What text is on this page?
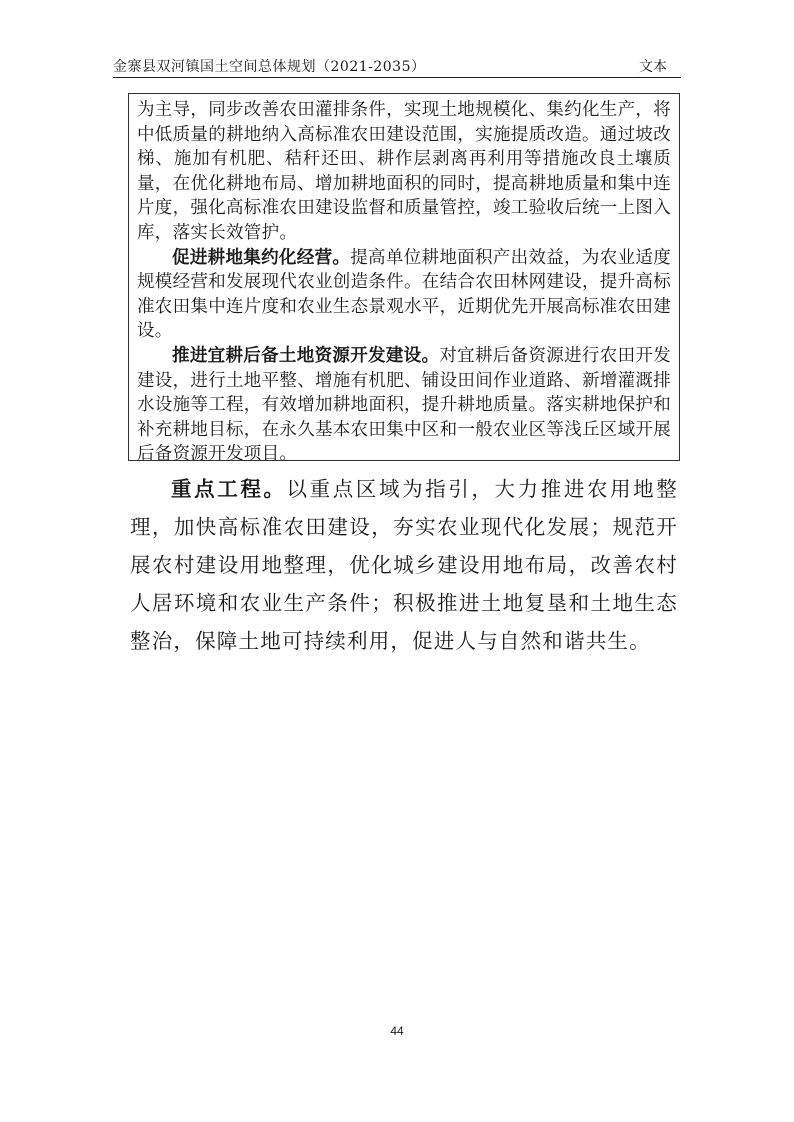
金寨县双河镇国土空间总体规划（2021-2035）	文本

为主导，同步改善农田灌排条件，实现土地规模化、集约化生产，将中低质量的耕地纳入高标准农田建设范围，实施提质改造。通过坡改梯、施加有机肥、秸秆还田、耕作层剥离再利用等措施改良土壤质量，在优化耕地布局、增加耕地面积的同时，提高耕地质量和集中连片度，强化高标准农田建设监督和质量管控，竣工验收后统一上图入库，落实长效管护。

促进耕地集约化经营。提高单位耕地面积产出效益，为农业适度规模经营和发展现代农业创造条件。在结合农田林网建设，提升高标准农田集中连片度和农业生态景观水平，近期优先开展高标准农田建设。

推进宜耕后备土地资源开发建设。对宜耕后备资源进行农田开发建设，进行土地平整、增施有机肥、铺设田间作业道路、新增灌溉排水设施等工程，有效增加耕地面积，提升耕地质量。落实耕地保护和补充耕地目标，在永久基本农田集中区和一般农业区等浅丘区域开展后备资源开发项目。

重点工程。以重点区域为指引，大力推进农用地整理，加快高标准农田建设，夯实农业现代化发展；规范开展农村建设用地整理，优化城乡建设用地布局，改善农村人居环境和农业生产条件；积极推进土地复垦和土地生态整治，保障土地可持续利用，促进人与自然和谐共生。

44
